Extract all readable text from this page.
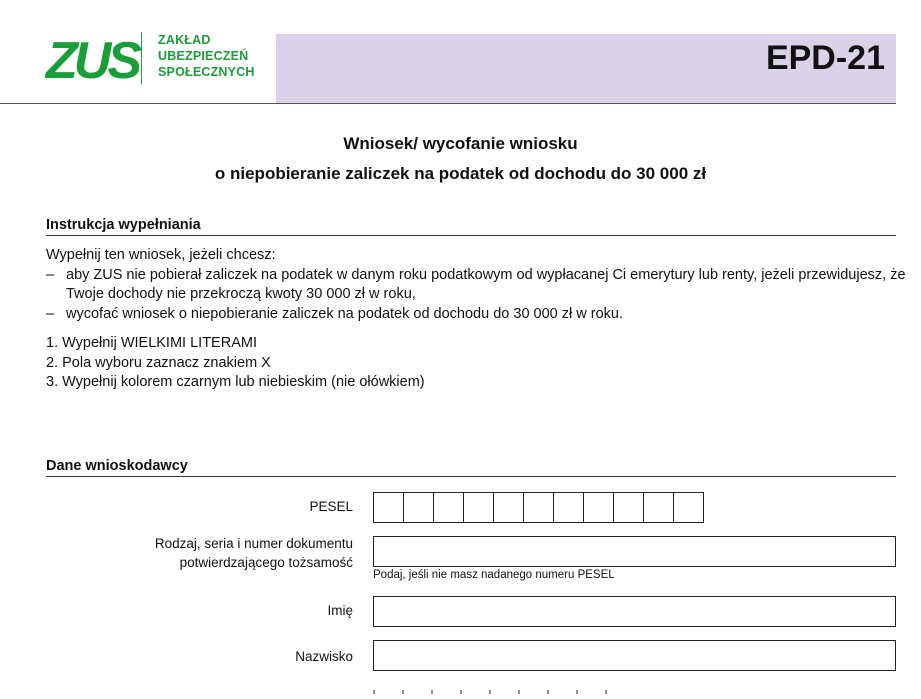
ZUS	ZAKŁAD
UBEZPIECZEŃ
SPOŁECZNYCH	EPD-21
Wniosek/ wycofanie wniosku
o niepobieranie zaliczek na podatek od dochodu do 30 000 zł
Instrukcja wypełniania
Wypełnij ten wniosek, jeżeli chcesz:
– aby ZUS nie pobierał zaliczek na podatek w danym roku podatkowym od wypłacanej Ci emerytury lub renty, jeżeli przewidujesz, że Twoje dochody nie przekroczą kwoty 30 000 zł w roku,
– wycofać wniosek o niepobieranie zaliczek na podatek od dochodu do 30 000 zł w roku.
1. Wypełnij WIELKIMI LITERAMI
2. Pola wyboru zaznacz znakiem X
3. Wypełnij kolorem czarnym lub niebieskim (nie ołówkiem)
Dane wnioskodawcy
PESEL
Rodzaj, seria i numer dokumentu
potwierdzającego tożsamość
Podaj, jeśli nie masz nadanego numeru PESEL
Imię
Nazwisko
